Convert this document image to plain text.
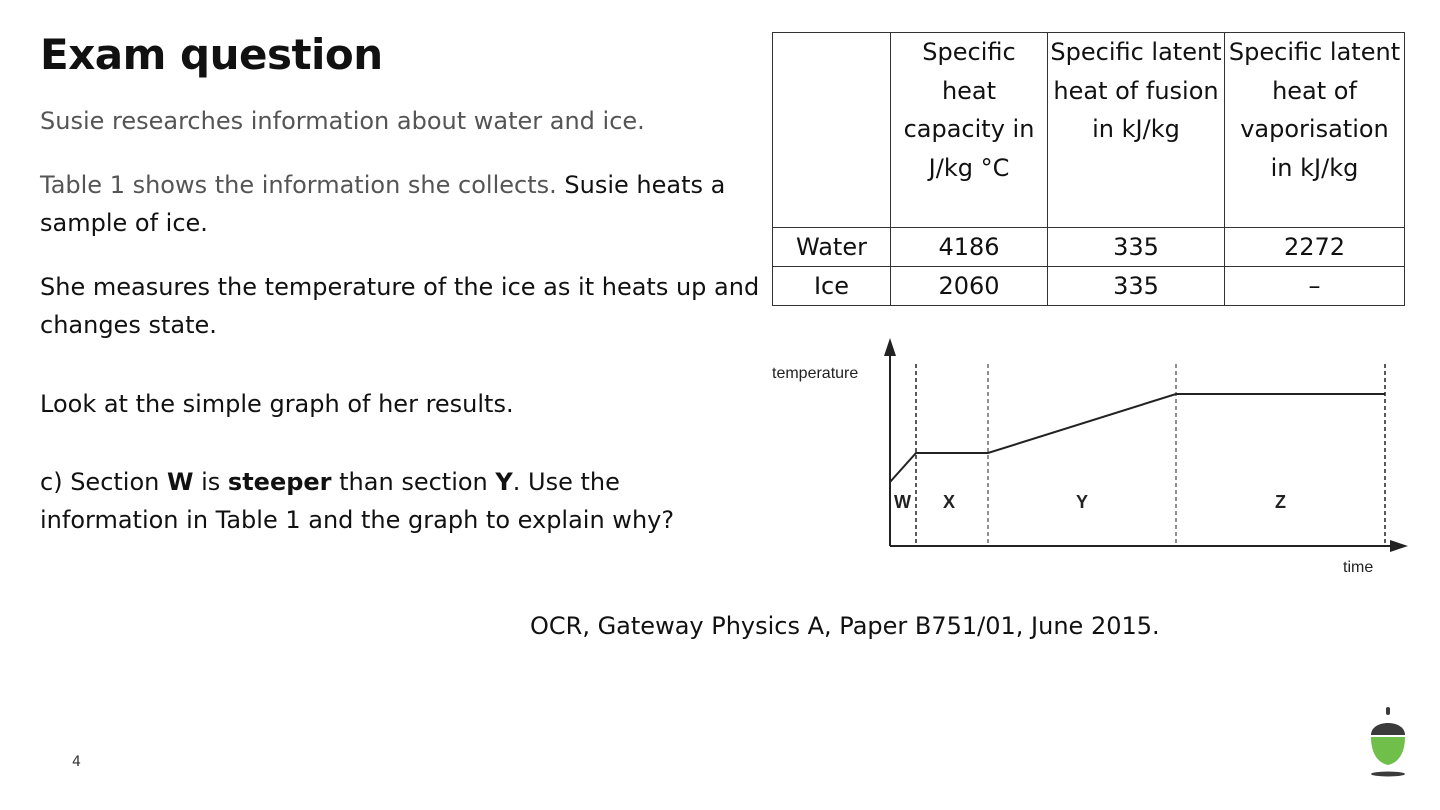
Exam question

Susie researches information about water and ice.

Table 1 shows the information she collects. Susie heats a sample of ice.

She measures the temperature of the ice as it heats up and changes state.

Look at the simple graph of her results.

c) Section W is steeper than section Y. Use the information in Table 1 and the graph to explain why?

	Specific heat capacity in J/kg °C	Specific latent heat of fusion in kJ/kg	Specific latent heat of vaporisation in kJ/kg
Water	4186	335	2272
Ice	2060	335	–
temperature
time
W X	Y	Z
OCR, Gateway Physics A, Paper B751/01, June 2015.
4
